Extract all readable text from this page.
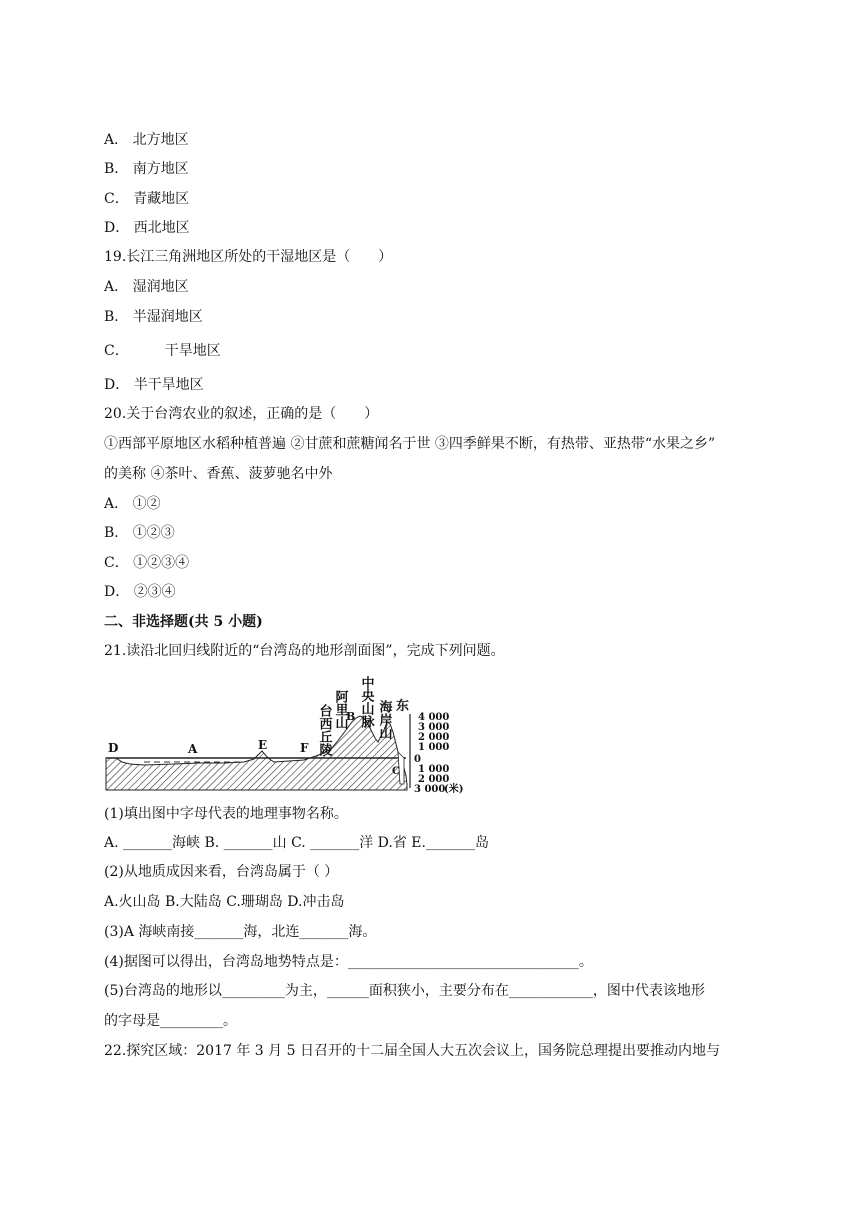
A． 北方地区
B． 南方地区
C． 青藏地区
D． 西北地区
19.长江三角洲地区所处的干湿地区是（　　）
A． 湿润地区
B． 半湿润地区
C．	干旱地区
D． 半干旱地区
20.关于台湾农业的叙述，正确的是（　　）
①西部平原地区水稻种植普遍 ②甘蔗和蔗糖闻名于世 ③四季鲜果不断，有热带、亚热带“水果之乡”
的美称 ④茶叶、香蕉、菠萝驰名中外
A． ①②
B． ①②③
C． ①②③④
D． ②③④
二、非选择题(共 5 小题)
21.读沿北回归线附近的“台湾岛的地形剖面图”，完成下列问题。
D	A	E	F
B
C
台西丘陵 阿里山 中央山脉 海岸山 东
4 000
3 000
2 000
1 000
0
1 000
2 000
3 000
(米)
(1)填出图中字母代表的地理事物名称。
A. _______海峡 B. _______山 C. _______洋 D.省 E._______岛
(2)从地质成因来看，台湾岛属于（ ）
A.火山岛 B.大陆岛 C.珊瑚岛 D.冲击岛
(3)A 海峡南接_______海，北连_______海。
(4)据图可以得出，台湾岛地势特点是：_________________________________。
(5)台湾岛的地形以_________为主，______面积狭小，主要分布在____________，图中代表该地形
的字母是_________。
22.探究区域：2017 年 3 月 5 日召开的十二届全国人大五次会议上，国务院总理提出要推动内地与
